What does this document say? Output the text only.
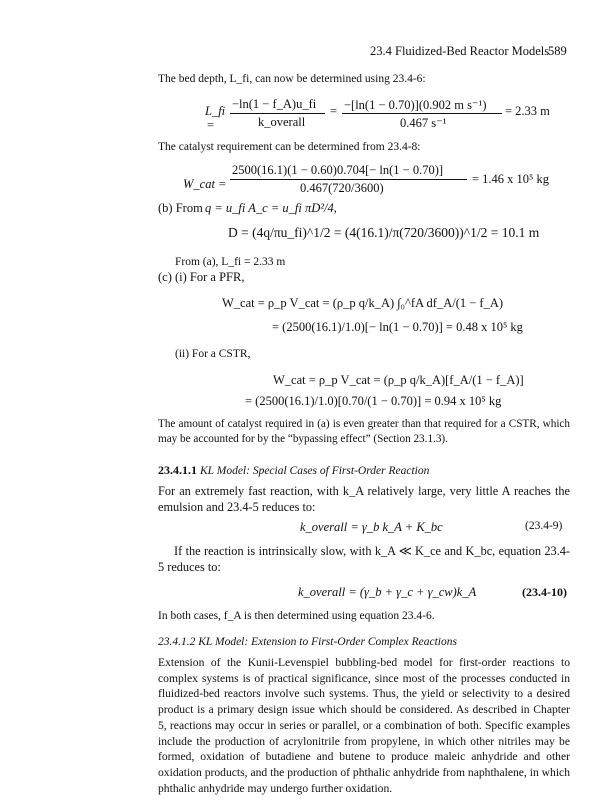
23.4 Fluidized-Bed Reactor Models
589
The bed depth, L_fi, can now be determined using 23.4-6:
L_fi
=
−ln(1 − f_A)u_fi
k_overall
= −[ln(1 − 0.70)](0.902 m s⁻¹)
0.467 s⁻¹
= 2.33 m
The catalyst requirement can be determined from 23.4-8:
W_cat =
2500(16.1)(1 − 0.60)0.704[− ln(1 − 0.70)]
0.467(720/3600)
= 1.46 x 10⁵ kg
(b) From q = u_fi A_c = u_fi πD²/4,
D = (4q/πu_fi)^1/2 = (4(16.1)/π(720/3600))^1/2 = 10.1 m
From (a), L_fi = 2.33 m
(c) (i) For a PFR,
W_cat = ρ_p V_cat = (ρ_p q/k_A) ∫₀^fA df_A/(1 − f_A)
= (2500(16.1)/1.0)[− ln(1 − 0.70)] = 0.48 x 10⁵ kg
(ii) For a CSTR,
W_cat = ρ_p V_cat = (ρ_p q/k_A)[f_A/(1 − f_A)]
= (2500(16.1)/1.0)[0.70/(1 − 0.70)] = 0.94 x 10⁵ kg
The amount of catalyst required in (a) is even greater than that required for a CSTR, which may be accounted for by the “bypassing effect” (Section 23.1.3).
23.4.1.1 KL Model: Special Cases of First-Order Reaction
For an extremely fast reaction, with k_A relatively large, very little A reaches the emulsion and 23.4-5 reduces to:
k_overall = γ_b k_A + K_bc	(23.4-9)
If the reaction is intrinsically slow, with k_A ≪ K_ce and K_bc, equation 23.4-5 reduces to:
k_overall = (γ_b + γ_c + γ_cw)k_A	(23.4-10)
In both cases, f_A is then determined using equation 23.4-6.
23.4.1.2 KL Model: Extension to First-Order Complex Reactions
Extension of the Kunii-Levenspiel bubbling-bed model for first-order reactions to complex systems is of practical significance, since most of the processes conducted in fluidized-bed reactors involve such systems. Thus, the yield or selectivity to a desired product is a primary design issue which should be considered. As described in Chapter 5, reactions may occur in series or parallel, or a combination of both. Specific examples include the production of acrylonitrile from propylene, in which other nitriles may be formed, oxidation of butadiene and butene to produce maleic anhydride and other oxidation products, and the production of phthalic anhydride from naphthalene, in which phthalic anhydride may undergo further oxidation.
